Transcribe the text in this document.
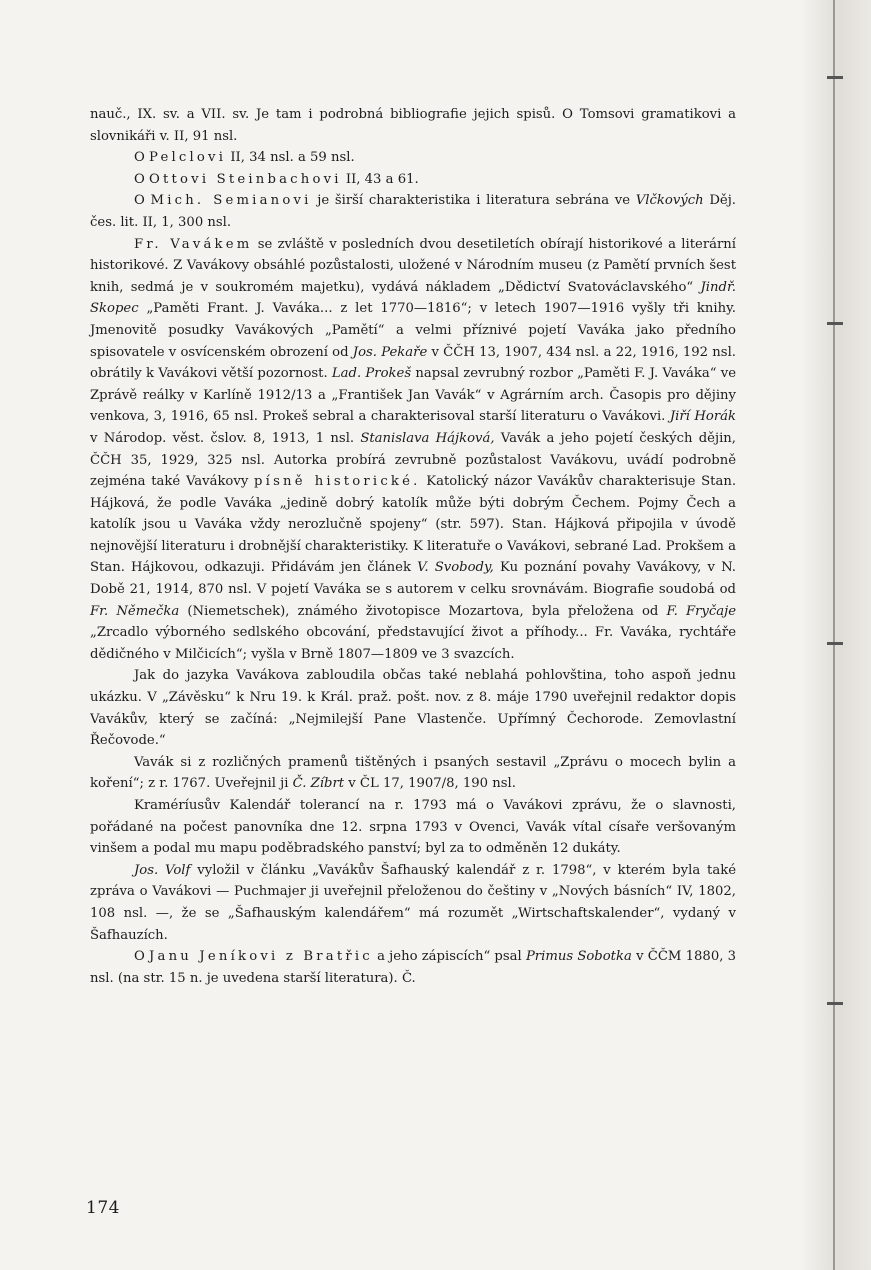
nauč., IX. sv. a VII. sv. Je tam i podrobná bibliografie jejich spisů. O Tomsovi gramatikovi a slovnikáři v. II, 91 nsl.

O Pelclovi II, 34 nsl. a 59 nsl.

O Ottovi Steinbachovi II, 43 a 61.

O Mich. Semianovi je širší charakteristika i literatura sebrána ve Vlčkových Děj. čes. lit. II, 1, 300 nsl.

Fr. Vavákem se zvláště v posledních dvou desetiletích obírají historikové a literární historikové. Z Vavákovy obsáhlé pozůstalosti, uložené v Národním museu (z Pamětí prvních šest knih, sedmá je v soukromém majetku), vydává nákladem „Dědictví Svatováclavského“ Jindř. Skopec „Paměti Frant. J. Vaváka... z let 1770—1816“; v letech 1907—1916 vyšly tři knihy. Jmenovitě posudky Vavákových „Pamětí“ a velmi příznivé pojetí Vaváka jako předního spisovatele v osvícenském obrození od Jos. Pekaře v ČČH 13, 1907, 434 nsl. a 22, 1916, 192 nsl. obrátily k Vavákovi větší pozornost. Lad. Prokeš napsal zevrubný rozbor „Paměti F. J. Vaváka“ ve Zprávě reálky v Karlíně 1912/13 a „František Jan Vavák“ v Agrárním arch. Časopis pro dějiny venkova, 3, 1916, 65 nsl. Prokeš sebral a charakterisoval starší literaturu o Vavákovi. Jiří Horák v Národop. věst. čslov. 8, 1913, 1 nsl. Stanislava Hájková, Vavák a jeho pojetí českých dějin, ČČH 35, 1929, 325 nsl. Autorka probírá zevrubně pozůstalost Vavákovu, uvádí podrobně zejména také Vavákovy písně historické. Katolický názor Vavákův charakterisuje Stan. Hájková, že podle Vaváka „jedině dobrý katolík může býti dobrým Čechem. Pojmy Čech a katolík jsou u Vaváka vždy nerozlučně spojeny“ (str. 597). Stan. Hájková připojila v úvodě nejnovější literaturu i drobnější charakteristiky. K literatuře o Vavákovi, sebrané Lad. Prokšem a Stan. Hájkovou, odkazuji. Přidávám jen článek V. Svobody, Ku poznání povahy Vavákovy, v N. Době 21, 1914, 870 nsl. V pojetí Vaváka se s autorem v celku srovnávám. Biografie soudobá od Fr. Němečka (Niemetschek), známého životopisce Mozartova, byla přeložena od F. Fryčaje „Zrcadlo výborného sedlského obcování, představující život a příhody... Fr. Vaváka, rychtáře dědičného v Milčicích“; vyšla v Brně 1807—1809 ve 3 svazcích.

Jak do jazyka Vavákova zabloudila občas také neblahá pohlovština, toho aspoň jednu ukázku. V „Závěsku“ k Nru 19. k Král. praž. pošt. nov. z 8. máje 1790 uveřejnil redaktor dopis Vavákův, který se začíná: „Nejmilejší Pane Vlastenče. Upřímný Čechorode. Zemovlastní Řečovode.“

Vavák si z rozličných pramenů tištěných i psaných sestavil „Zprávu o mocech bylin a koření“; z r. 1767. Uveřejnil ji Č. Zíbrt v ČL 17, 1907/8, 190 nsl.

Kraméríusův Kalendář tolerancí na r. 1793 má o Vavákovi zprávu, že o slavnosti, pořádané na počest panovníka dne 12. srpna 1793 v Ovenci, Vavák vítal císaře veršovaným vinšem a podal mu mapu poděbradského panství; byl za to odměněn 12 dukáty.

Jos. Volf vyložil v článku „Vavákův Šafhauský kalendář z r. 1798“, v kterém byla také zpráva o Vavákovi — Puchmajer ji uveřejnil přeloženou do češtiny v „Nových básních“ IV, 1802, 108 nsl. —, že se „Šafhauským kalendářem“ má rozumět „Wirtschaftskalender“, vydaný v Šafhauzích.

O Janu Jeníkovi z Bratřic a jeho zápiscích“ psal Primus Sobotka v ČČM 1880, 3 nsl. (na str. 15 n. je uvedena starší literatura). Č.

174
